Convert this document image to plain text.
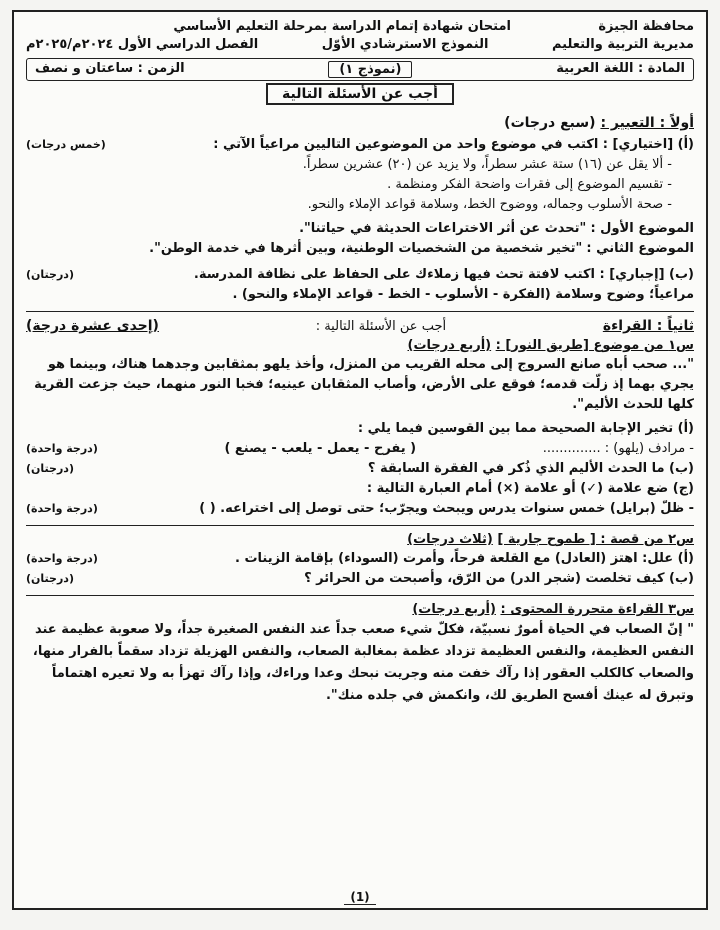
محافظة الجيزة
امتحان شهادة إتمام الدراسة بمرحلة التعليم الأساسي
مديرية التربية والتعليم
النموذج الاسترشادي الأوّل
الفصل الدراسي الأول ٢٠٢٤م/٢٠٢٥م
المادة : اللغة العربية
(نموذج ١)
الزمن : ساعتان و نصف
أجب عن الأسئلة التالية
أولاً : التعبير : (سبع درجات)
(أ) [اختياري] : اكتب في موضوع واحد من الموضوعين التاليين مراعياً الآتي :
(خمس درجات)

- ألا يقل عن (١٦) ستة عشر سطراً، ولا يزيد عن (٢٠) عشرين سطراً.

- تقسيم الموضوع إلى فقرات واضحة الفكر ومنظمة .

- صحة الأسلوب وجماله، ووضوح الخط، وسلامة قواعد الإملاء والنحو.

الموضوع الأول : "تحدث عن أثر الاختراعات الحديثة في حياتنا".

الموضوع الثاني : "تخير شخصية من الشخصيات الوطنية، وبين أثرها في خدمة الوطن".

(ب) [إجباري] : اكتب لافتة تحث فيها زملاءك على الحفاظ على نظافة المدرسة.
(درجتان)

مراعياً؛ وضوح وسلامة (الفكرة - الأسلوب - الخط - قواعد الإملاء والنحو) .

ثانياً : القراءة
أجب عن الأسئلة التالية :
(إحدى عشرة درجة)
س١ من موضوع [طريق النور] : (أربع درجات)

"... صحب أباه صانع السروج إلى محله القريب من المنزل، وأخذ يلهو بمثقابين وجدهما هناك، وبينما هو يجري بهما إذ زلّت قدمه؛ فوقع على الأرض، وأصاب المثقابان عينيه؛ فخبا النور منهما، حيث جزعت القرية كلها للحدث الأليم".

(أ) تخير الإجابة الصحيحة مما بين القوسين فيما يلي :

- مرادف (يلهو) : ..............
( يفرح - يعمل - يلعب - يصنع )
(درجة واحدة)
(ب) ما الحدث الأليم الذي ذُكر في الفقرة السابقة ؟
(درجتان)

(ج) ضع علامة (✓) أو علامة (×) أمام العبارة التالية :

- ظلّ (برايل) خمس سنوات يدرس ويبحث ويجرّب؛ حتى توصل إلى اختراعه. ( )
(درجة واحدة)
س٢ من قصة : [ طموح جارية ] (ثلاث درجات)
(أ) علل: اهتز (العادل) مع القلعة فرحاً، وأمرت (السوداء) بإقامة الزينات .
(درجة واحدة)
(ب) كيف تخلصت (شجر الدر) من الرّق، وأصبحت من الحرائر ؟
(درجتان)
س٣ القراءة متحررة المحتوى : (أربع درجات)

" إنّ الصعاب في الحياة أمورٌ نسبيّة، فكلّ شيء صعب جداً عند النفس الصغيرة جداً، ولا صعوبة عظيمة عند النفس العظيمة، والنفس العظيمة تزداد عظمة بمغالبة الصعاب، والنفس الهزيلة تزداد سقماً بالفرار منها، والصعاب كالكلب العقور إذا رآك خفت منه وجريت نبحك وعدا وراءك، وإذا رآك تهزأ به ولا تعيره اهتماماً وتبرق له عينك أفسح الطريق لك، وانكمش في جلده منك".

(1)
